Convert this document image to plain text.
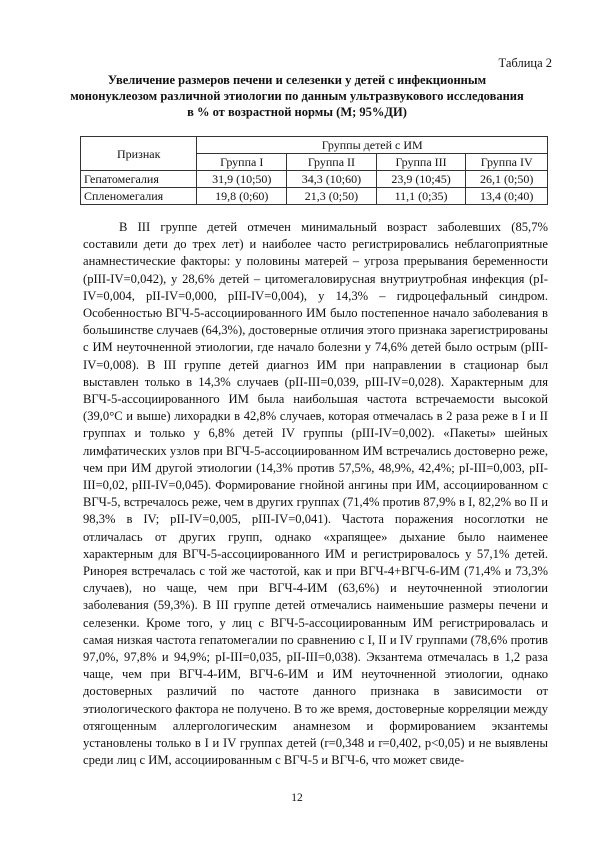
Таблица 2
Увеличение размеров печени и селезенки у детей с инфекционным мононуклеозом различной этиологии по данным ультразвукового исследования в % от возрастной нормы (М; 95%ДИ)
Признак	Группы детей с ИМ			
	Группа I	Группа II	Группа III	Группа IV
Гепатомегалия	31,9 (10;50)	34,3 (10;60)	23,9 (10;45)	26,1 (0;50)
Спленомегалия	19,8 (0;60)	21,3 (0;50)	11,1 (0;35)	13,4 (0;40)

В III группе детей отмечен минимальный возраст заболевших (85,7% составили дети до трех лет) и наиболее часто регистрировались неблагоприятные анамнестические факторы: у половины матерей – угроза прерывания беременности (pIII-IV=0,042), у 28,6% детей – цитомегаловирусная внутриутробная инфекция (pI-IV=0,004, pII-IV=0,000, pIII-IV=0,004), у 14,3% – гидроцефальный синдром. Особенностью ВГЧ-5-ассоциированного ИМ было постепенное начало заболевания в большинстве случаев (64,3%), достоверные отличия этого признака зарегистрированы с ИМ неуточненной этиологии, где начало болезни у 74,6% детей было острым (pIII-IV=0,008). В III группе детей диагноз ИМ при направлении в стационар был выставлен только в 14,3% случаев (pII-III=0,039, pIII-IV=0,028). Характерным для ВГЧ-5-ассоциированного ИМ была наибольшая частота встречаемости высокой (39,0°С и выше) лихорадки в 42,8% случаев, которая отмечалась в 2 раза реже в I и II группах и только у 6,8% детей IV группы (pIII-IV=0,002). «Пакеты» шейных лимфатических узлов при ВГЧ-5-ассоциированном ИМ встречались достоверно реже, чем при ИМ другой этиологии (14,3% против 57,5%, 48,9%, 42,4%; pI-III=0,003, pII-III=0,02, pIII-IV=0,045). Формирование гнойной ангины при ИМ, ассоциированном с ВГЧ-5, встречалось реже, чем в других группах (71,4% против 87,9% в I, 82,2% во II и 98,3% в IV; pII-IV=0,005, pIII-IV=0,041). Частота поражения носоглотки не отличалась от других групп, однако «храпящее» дыхание было наименее характерным для ВГЧ-5-ассоциированного ИМ и регистрировалось у 57,1% детей. Ринорея встречалась с той же частотой, как и при ВГЧ-4+ВГЧ-6-ИМ (71,4% и 73,3% случаев), но чаще, чем при ВГЧ-4-ИМ (63,6%) и неуточненной этиологии заболевания (59,3%). В III группе детей отмечались наименьшие размеры печени и селезенки. Кроме того, у лиц с ВГЧ-5-ассоциированным ИМ регистрировалась и самая низкая частота гепатомегалии по сравнению с I, II и IV группами (78,6% против 97,0%, 97,8% и 94,9%; pI-III=0,035, pII-III=0,038). Экзантема отмечалась в 1,2 раза чаще, чем при ВГЧ-4-ИМ, ВГЧ-6-ИМ и ИМ неуточненной этиологии, однако достоверных различий по частоте данного признака в зависимости от этиологического фактора не получено. В то же время, достоверные корреляции между отягощенным аллергологическим анамнезом и формированием экзантемы установлены только в I и IV группах детей (r=0,348 и r=0,402, p<0,05) и не выявлены среди лиц с ИМ, ассоциированным с ВГЧ-5 и ВГЧ-6, что может свиде-

12
